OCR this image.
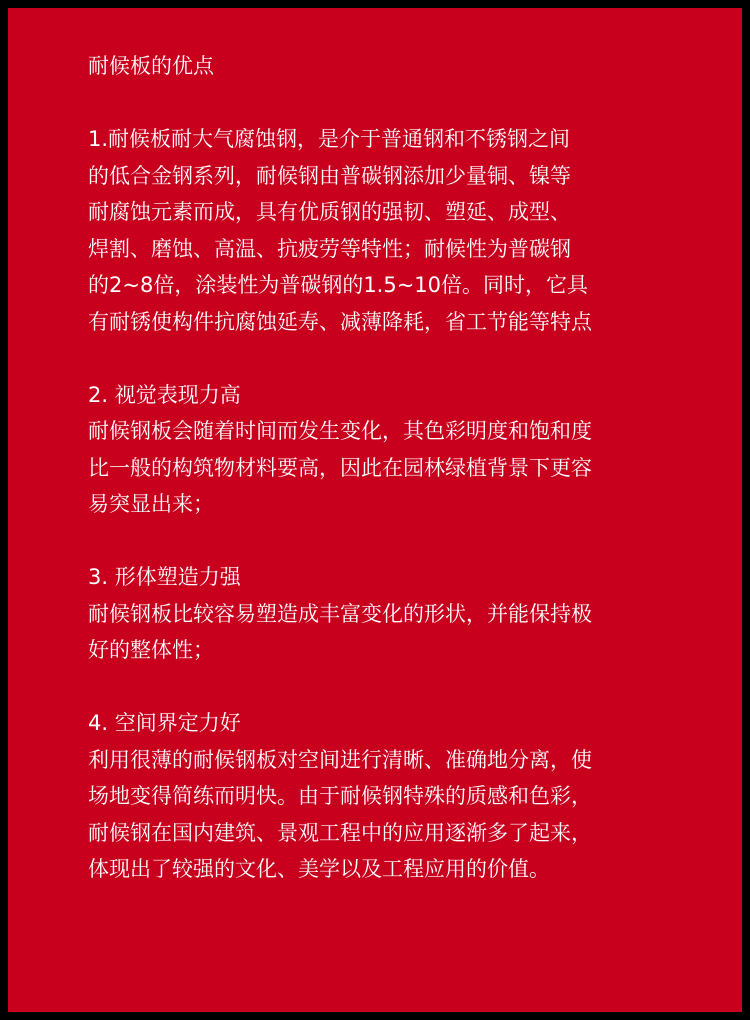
耐候板的优点
1.耐候板耐大气腐蚀钢，是介于普通钢和不锈钢之间
的低合金钢系列，耐候钢由普碳钢添加少量铜、镍等
耐腐蚀元素而成，具有优质钢的强韧、塑延、成型、
焊割、磨蚀、高温、抗疲劳等特性；耐候性为普碳钢
的2~8倍，涂装性为普碳钢的1.5~10倍。同时，它具
有耐锈使构件抗腐蚀延寿、减薄降耗，省工节能等特点
2. 视觉表现力高
耐候钢板会随着时间而发生变化，其色彩明度和饱和度
比一般的构筑物材料要高，因此在园林绿植背景下更容
易突显出来；
3. 形体塑造力强
耐候钢板比较容易塑造成丰富变化的形状，并能保持极
好的整体性；
4. 空间界定力好
利用很薄的耐候钢板对空间进行清晰、准确地分离，使
场地变得简练而明快。由于耐候钢特殊的质感和色彩，
耐候钢在国内建筑、景观工程中的应用逐渐多了起来，
体现出了较强的文化、美学以及工程应用的价值。
